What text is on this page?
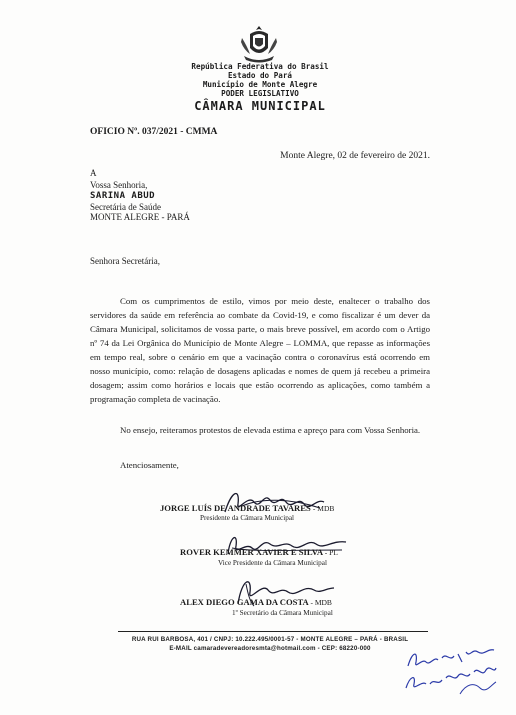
República Federativa do Brasil
Estado do Pará
Município de Monte Alegre
PODER LEGISLATIVO
CÂMARA MUNICIPAL
OFICIO Nº. 037/2021 - CMMA
Monte Alegre, 02 de fevereiro de 2021.
A
Vossa Senhoria,
SARINA ABUD
Secretária de Saúde
MONTE ALEGRE - PARÁ
Senhora Secretária,

Com os cumprimentos de estilo, vimos por meio deste, enaltecer o trabalho dos servidores da saúde em referência ao combate da Covid-19, e como fiscalizar é um dever da Câmara Municipal, solicitamos de vossa parte, o mais breve possível, em acordo com o Artigo nº 74 da Lei Orgânica do Município de Monte Alegre – LOMMA, que repasse as informações em tempo real, sobre o cenário em que a vacinação contra o coronavírus está ocorrendo em nosso município, como: relação de dosagens aplicadas e nomes de quem já recebeu a primeira dosagem; assim como horários e locais que estão ocorrendo as aplicações, como também a programação completa de vacinação.

No ensejo, reiteramos protestos de elevada estima e apreço para com Vossa Senhoria.
Atenciosamente,
JORGE LUÍS DE ANDRADE TAVARES - MDB
Presidente da Câmara Municipal
ROVER KEMMER XAVIER E SILVA - PL
Vice Presidente da Câmara Municipal
ALEX DIEGO GAMA DA COSTA - MDB
1º Secretário da Câmara Municipal
RUA RUI BARBOSA, 401 / CNPJ: 10.222.495/0001-57 - MONTE ALEGRE – PARÁ - BRASIL
E-MAIL camaradevereadoresmta@hotmail.com - CEP: 68220-000
